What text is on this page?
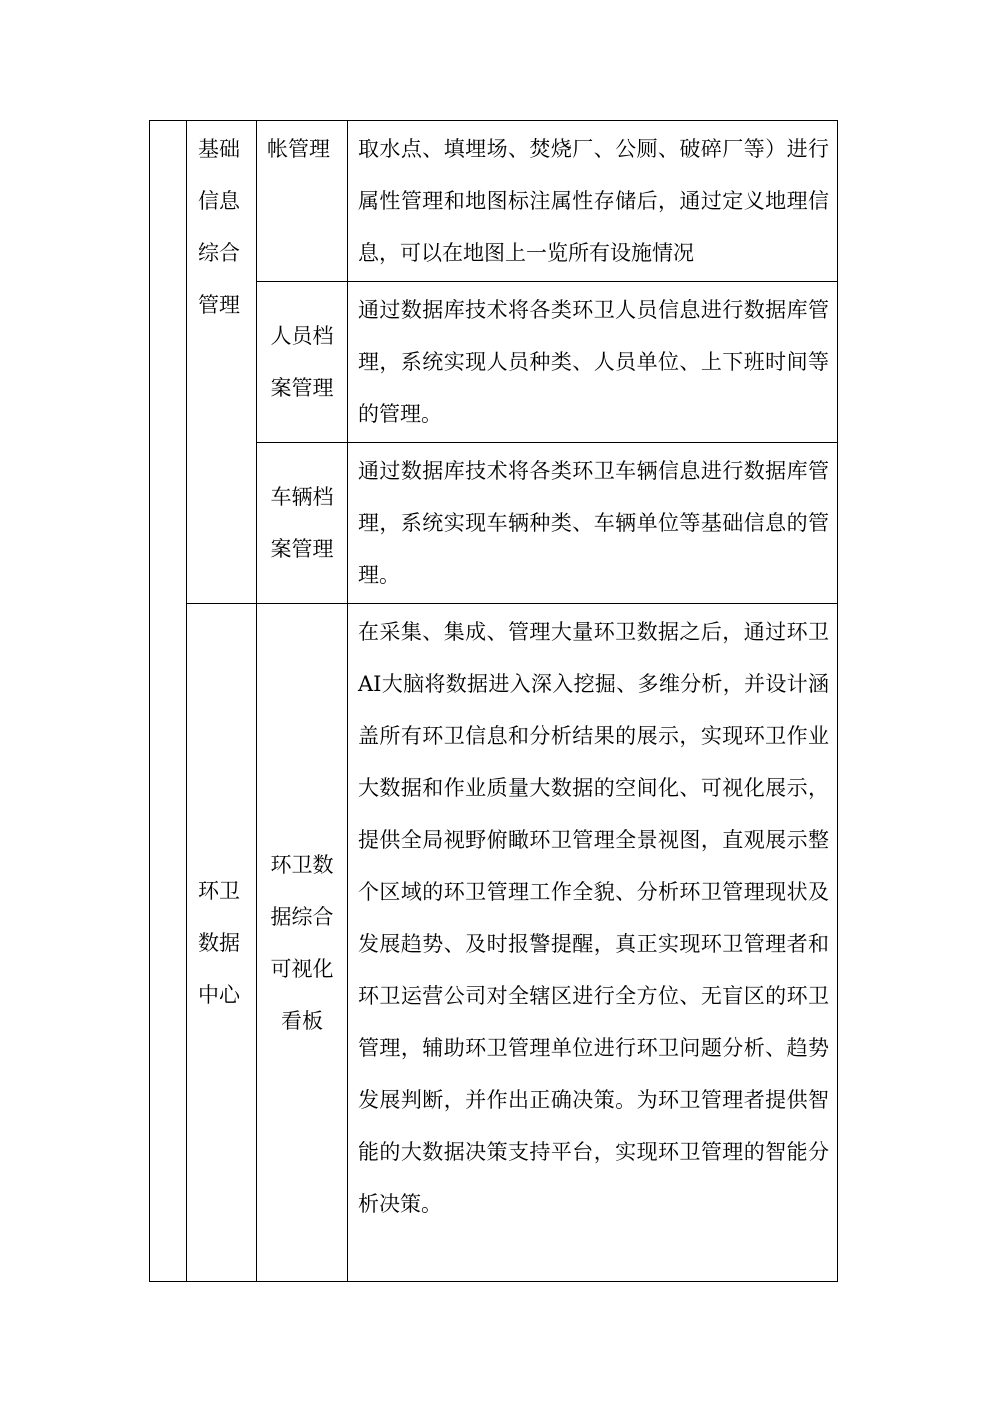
	基础信息综合管理	帐管理	取水点、填埋场、焚烧厂、公厕、破碎厂等）进行属性管理和地图标注属性存储后，通过定义地理信息，可以在地图上一览所有设施情况
		人员档案管理	通过数据库技术将各类环卫人员信息进行数据库管理，系统实现人员种类、人员单位、上下班时间等的管理。
		车辆档案管理	通过数据库技术将各类环卫车辆信息进行数据库管理，系统实现车辆种类、车辆单位等基础信息的管理。

	环卫数据中心	环卫数据综合可视化看板	在采集、集成、管理大量环卫数据之后，通过环卫AI大脑将数据进入深入挖掘、多维分析，并设计涵盖所有环卫信息和分析结果的展示，实现环卫作业大数据和作业质量大数据的空间化、可视化展示，提供全局视野俯瞰环卫管理全景视图，直观展示整个区域的环卫管理工作全貌、分析环卫管理现状及发展趋势、及时报警提醒，真正实现环卫管理者和环卫运营公司对全辖区进行全方位、无盲区的环卫管理，辅助环卫管理单位进行环卫问题分析、趋势发展判断，并作出正确决策。为环卫管理者提供智能的大数据决策支持平台，实现环卫管理的智能分析决策。
